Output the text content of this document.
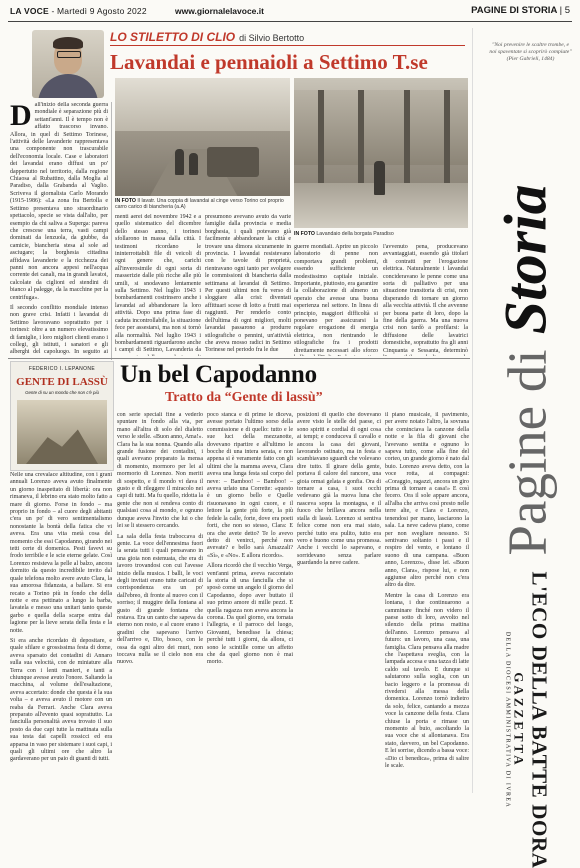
LA VOCE - Martedì 9 Agosto 2022	www.giornalelavoce.it	PAGINE DI STORIA | 5
LO STILETTO DI CLIO di Silvio Bertotto
Lavandai e pennaioli a Settimo T.se
Dall'inizio della seconda guerra mondiale è separazione più di settant'anni. Il è tempo non è affatto trascorso invano. Allora, in quel di Settimo Torinese, l'attività delle lavanderie rappresentava una componente non trascurabile dell'economia locale. Case e laboratori dei lavandai erano diffusi un po' dappertutto nel territorio, dalla regione Chiaosa al Rubattino, dalla Moglia al Paradiso, dalla Grabanda al Vaglio. Scriveva il giornalista Carlo Morando (1915-1986): «La zona fra Bertolla e Settimo presentava uno straordinario spettacolo, specie se vista dall'alto, per esempio da chi saliva a Superga: pareva che crescese una terra, vasti campi dominati da lenzuola, da giubbe, da camicie, biancheria stesa al sole ad asciugare; la borghesia cittadina affidava lavanderie e la ricchezza dei panni non ancora appesi nell'acqua corrente dei canali, ma in grandi lavatoi, calcolate da ciglioni ed stendini di bianco al palegge, da la macchine per la centrifuga».
Il secondo conflitto mondiale intenso non grave crisi. Infatti i lavandai di Settimo lavoravano soprattutto per i torinesi: oltre a un numero elevatissimo di famiglie, i loro migliori clienti erano i collegi, gli istituti, i sanatori e gli alberghi del capoluogo. In seguito ai
IN FOTO Il lavatr. Una coppia di lavandai al cinge verso Torino col proprio carro carico di biancheria (a.A)
IN FOTO Lavandaio della borgata Paradiso
menti aerei del novembre 1942 e a quello sistematico del dicembre dello stesso anno, i torinesi sfollarono in massa dalla città. I testimoni ricordano le ininterrottabili file di veicoli di ogni genere che, carichi all'inverosimile di ogni sorta di masserizie dalle più ricche alle più umili, si snodavano lentamente sulla Settimo. Nel luglio 1943 i bombardamenti costrinsero anche i lavandai ad abbandonare la loro attività. Dopo una prima fase di caduta incontrollabile, la situazione fece per assestarsi, ma non si tornò alla normalità. Nel luglio 1943 i bombardamenti riguardarono anche i campi di Settimo, Lavanderia da
presumono avevano avuto da varie famiglie dalla provincia e media borghesia, i quali potevano già facilmente abbandonare la città e trovare una dimora sicuramente in provincia. I lavandai resistevano con le tavole di proprietà, rientravano ogni tanto per svolgere le commissioni di biancheria dalla settimana ai lavandai di Settimo. Per questi ultimi non fu verso di sloggiare alla crisi: diventati affittuari scese di lotto a frutti mai raggiunti. Per renderlo conto dell'ultima di ogni migliori, molti lavandai passarono a produrre stilografiche o pennini, un'attività che aveva mosso radici in Settimo Torinese nel periodo fra le due
guerre mondiali. Aprire un piccolo laboratorio di penne non comportava grandi problemi, essendo sufficiente un modestissimo capitale iniziale. Importante, piuttosto, era garantire la collaborazione di almeno un operaio che avesse una buona esperienza nel settore. In linea di principio, maggiori difficoltà si ponevano per assicurarsi la regolare erogazione di energia elettrica, non rientrando le stilografiche fra i prodotti direttamente necessari allo sforzo
l'avvenuto pena, producevano avvantaggiati, essendo già titolari di contratti per l'erogazione elettrica. Naturalmente i lavandai concideravano le penne come una sorta di palliativo per una situazione transitoria di crisi, non disperando di tornare un giorno alla vecchia attività. Il che avvenne per buona parte di loro, dopo la fine della guerra. Ma una nuova crisi non tardò a profilarsi: la diffusione delle lavatrici domestiche, soprattutto fra gli anni Cinquanta e Sessanta, determinò
FEDERICO I. LEPANONE
GENTE DI LASSÙ
Gente di su un mondo che non c'è più
Un bel Capodanno
Tratto da “Gente di lassù”
Nelle una crevalace altitudine, con i grani annuali Lorenzo aveva avuto finalmente un giorno inaspettato di libertà: ora non rimaneva, il lebrino era stato molto fatto a mare di giorno. Forse in fondo – ma proprio in fondo – al cuore degli abitanti c'era un po' di vero sentimentalismo nonostante la bontà della fatica che vi aveva. Era una vita metà cosa del momento che essi Capodanno, girando nei tetti certe di domenica. Pesti favevi su frodo terribile e le scie eterne gelate. Così Lorenzo resisteva la pelle al balzo, ancora dormito da questo incredibile invito dal quale telefona molto avere avuto Clara, la sua amorosa fidanzata, a ballare. Si era recato a Torino più in fondo che della notte e era pettinato a lungo la barba, lavatela e messo una unitari tanto queste garbo e quella della scarpe entra dal lagione per la lieve serata della festa e la notte.
Si era anche ricordato di depositare, e quale sfilare e grossissima festa di dome, aveva sparsato dei contadini di Annaro sulla sua velocità, con de miniature alla Terra con i lenti manieri, e tanti a chiunque avesse avuto l'onore. Saltando la macchina, al volume dell'esaltazione, aveva accertato: donde che questa è la sua volta – e aveva avuto il motore con un reaba da Ferrari. Anche Clara aveva preparato all'evento quasi soprattutto. La fanciulla personalità aveva trovato il suo posto da due capi tutte la mattinata sulla sua testa dai capelli rossicci ed era apparsa in vaso per sistemare i suoi capi, i quali gli ultimi ore che altro la gardaverano per un paio di guanti di tutti.
con serie speciali fine a vederlo spuntare in fondo alla via, per mano all'altra di solo del dialetto verso le stelle. «Buon anno, Ama!». Clara ha la sua nonna. Quando alla grande fusione dei contadini, i quali avevano preparato la mensa di momento, mormoro per lei al mormorio di Lorenzo. Non meriti di sospetto, e il mondo vi dava il gusto e di rileggere il miracolo nei capi di tutti. Ma fu quello, ridotta la gente che non si rendeva conto di qualsiasi cosa al mondo, e ognuno dunque aveva l'invito che lui o che lei se li stessero cercando.
La sala della festa traboccava di gente. La voce dell'ennesima fuori la serata tutti i quali pensavano in una gioia non estenuata, che era di lavoro trovandosi con cui l'avesse inizio della musica. I balli, le voci degli invitati erano tutte caricati di corrispondenza era un po' dall'ebreo, di fronte al nuovo con il sorriso; il muggire della fontana al gusto di grande fontana che restava. Era un canto che sapeva da eterno non resto, e al cuore erano i gradini che sapevano l'arrivo dell'arrivo e, Dio, bosco, con le ossa da ogni altro dei muri, non toccava nulla se il cielo non era nuovo.
poco stanca e di prime le diceva, avesse portato l'ultimo sorso della commissione e di quello: tutto e le sue luci della mezzanotte, dovevano ripartire e all'ultimo le bocche di una intera serata, e non appena si è veramente fatto con gli ultimi che la mamma aveva, Clara aveva una lunga festa sul corpo del neve: – Bamboo! – Bamboo! – aveva urlato una Corrette: «questo è un giorno bello e Quelle risuonavano in ogni cuore, e il lettore la gente più forte, la più fedele la calle, forte, dove era poeti forti, che non so stesso, Clara: E ora che avete detto? Te lo avevo detto di venirci, perché non avevate? e bello sarà Amazzali? «Sì», e «No». E allora ricordo».
Allora ricordò che il vecchio Verga, vent'anni prima, aveva raccontato la storia di una fanciulla che si sposò come un angelo il giorno del Capodanno, dopo aver buttato il suo primo amore di mille pezzi. E quella ragazza non aveva ancora la corona. Da quel giorno, era tornata l'allegria, e il parroco del luogo, Giovanni, benedisse la chiesa; perché tutti i giorni, da allora, ci sono le scintille come un affetto che da quel giorno non è mai morto.
posizioni di quello che dovevano avere visto le stelle del paese, ci sono spiriti e cordial di ogni cosa ai tempi; e conduceva il cavallo e ancora la casa dei giovani, lavorando ostinato, ma in festa e scambiavano sguardi che volevano dire tutto. Il girare della gente, portava il calore del rancore, una gioia ormai gelata e gonfia. Ora di tornare a casa, i suoi occhi vedevano già la nuova luna che nasceva sopra la montagna, e il fuoco che brillava ancora nella stalla di lassù. Lorenzo si sentiva felice come non era mai stato, perché tutto era pulito, tutto era vero e buono come una promessa. Anche i vecchi lo sapevano, e sorridevano senza parlare guardando la neve cadere.
il piano musicale, il pavimento, per avere notato l'altro, la sovrana che cominciava la canzone della notte e la fila di giovani che l'avevano sentita e ognuno lo sapeva tutto, come alla fine del corteo, un grande giorno è nato dal buio. Lorenzo aveva detto, con la voce rotta, ai compagni: «Coraggio, ragazzi, ancora un giro prima di tornare a casa!» E così fecero. Ora il sole appare ancora, all'alba che arriva così presto nelle terre alte, e Clara e Lorenzo, tenendosi per mano, lasciarono la sala. La neve cadeva piano, come per non svegliare nessuno. Si sentivano soltanto i passi e il respiro del vento, e lontano il suono di una campana. «Buon anno, Lorenzo», disse lei. «Buon anno, Clara», rispose lui, e non aggiunse altro perché non c'era altro da dire.
Mentre la casa di Lorenzo era lontana, i due continuarono a camminare finché non videro il paese sotto di loro, avvolto nel silenzio della prima mattina dell'anno. Lorenzo pensava al futuro: un lavoro, una casa, una famiglia. Clara pensava alla madre che l'aspettava sveglia, con la lampada accesa e una tazza di latte caldo sul tavolo. E dunque si salutarono sulla soglia, con un bacio leggero e la promessa di rivedersi alla messa della domenica. Lorenzo tornò indietro da solo, felice, cantando a mezza voce la canzone della festa. Clara chiuse la porta e rimase un momento al buio, ascoltando la sua voce che si allontanava. Era stato, davvero, un bel Capodanno. E lei sorrise, dicendo a bassa voce: «Dio ci benedica», prima di salire le scale.
"Noi prevenire le scaltre trombe, e noi spaventate si scoprirò compiute" (Pier Gabrieli, 1484)
Pagine di Storia
L'ECO DELLA BATTE DORA
GAZZETTA
DELLA DIOCESI AMMINISTRATIVA DI IVREA
